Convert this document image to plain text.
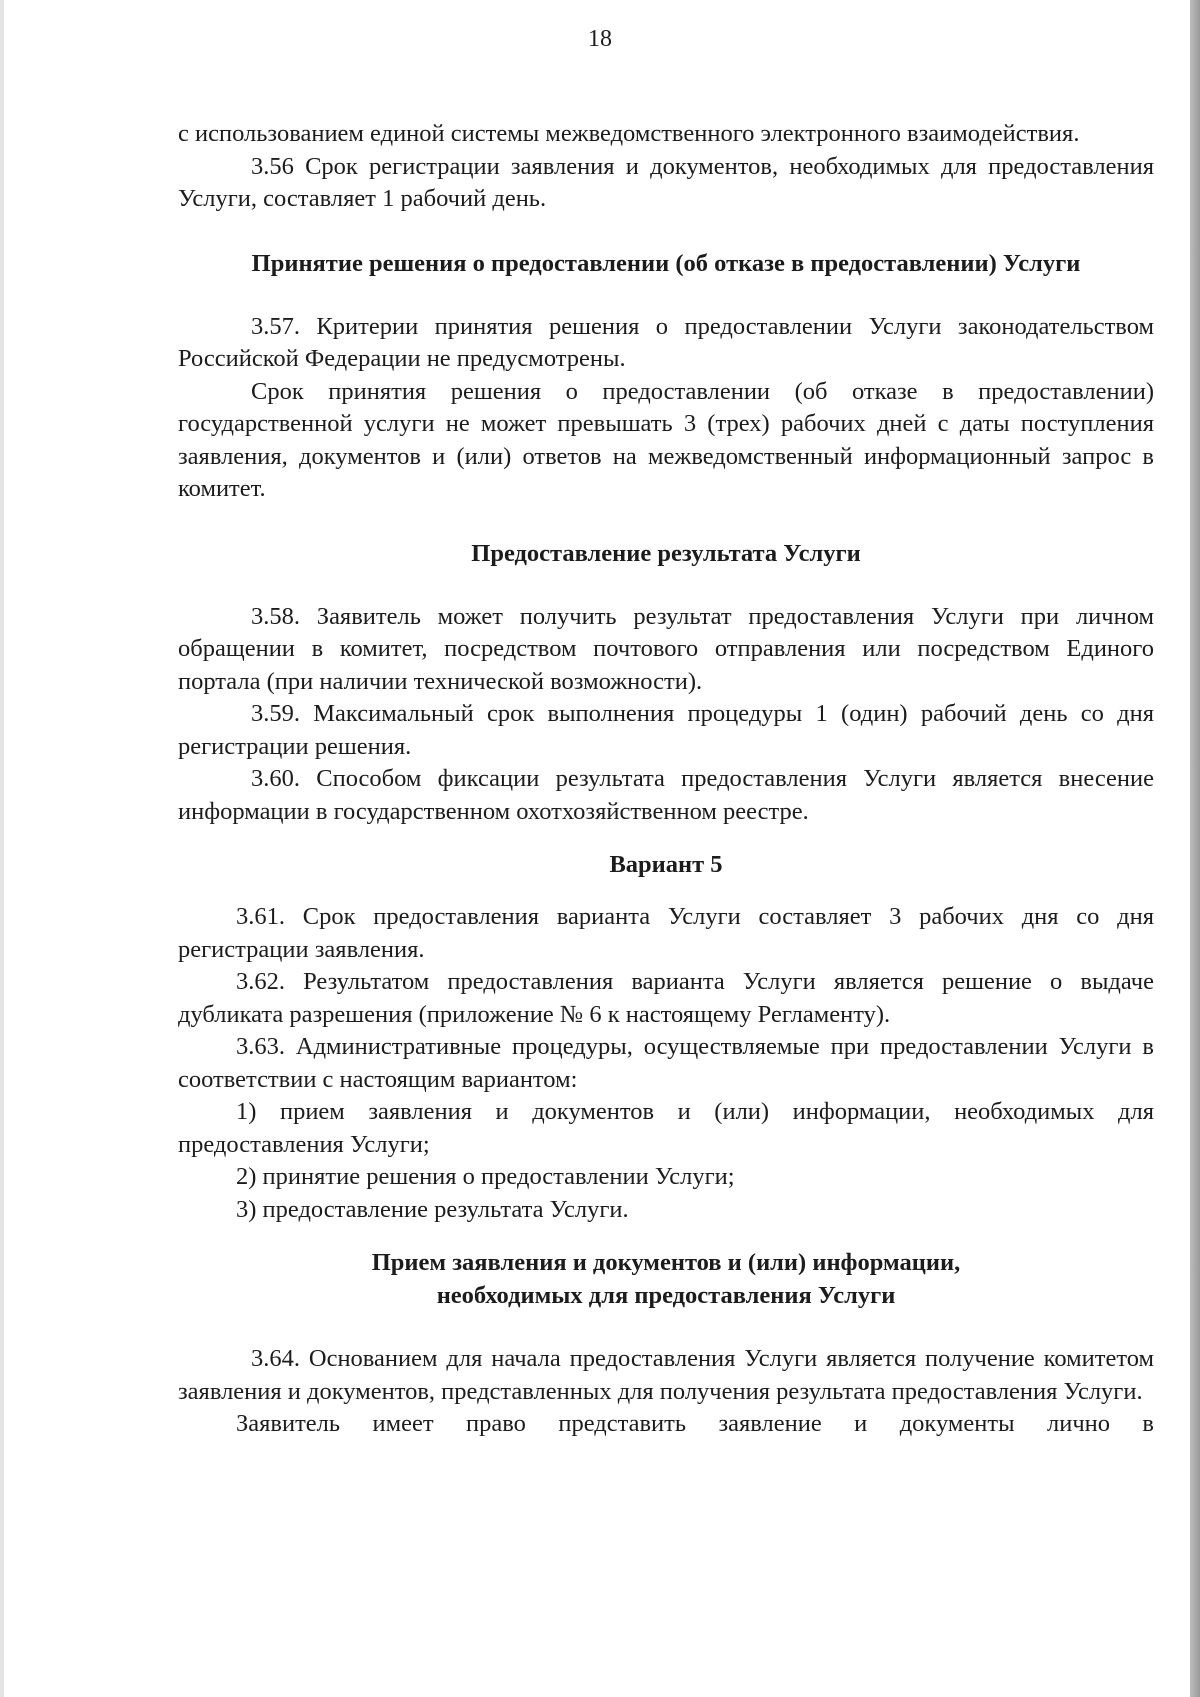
18

с использованием единой системы межведомственного электронного взаимодействия.

3.56 Срок регистрации заявления и документов, необходимых для предоставления Услуги, составляет 1 рабочий день.

Принятие решения о предоставлении (об отказе в предоставлении) Услуги

3.57. Критерии принятия решения о предоставлении Услуги законодательством Российской Федерации не предусмотрены.

Срок принятия решения о предоставлении (об отказе в предоставлении) государственной услуги не может превышать 3 (трех) рабочих дней с даты поступления заявления, документов и (или) ответов на межведомственный информационный запрос в комитет.

Предоставление результата Услуги

3.58. Заявитель может получить результат предоставления Услуги при личном обращении в комитет, посредством почтового отправления или посредством Единого портала (при наличии технической возможности).

3.59. Максимальный срок выполнения процедуры 1 (один) рабочий день со дня регистрации решения.

3.60. Способом фиксации результата предоставления Услуги является внесение информации в государственном охотхозяйственном реестре.

Вариант 5

3.61. Срок предоставления варианта Услуги составляет 3 рабочих дня со дня регистрации заявления.

3.62. Результатом предоставления варианта Услуги является решение о выдаче дубликата разрешения (приложение № 6 к настоящему Регламенту).

3.63. Административные процедуры, осуществляемые при предоставлении Услуги в соответствии с настоящим вариантом:

1) прием заявления и документов и (или) информации, необходимых для предоставления Услуги;

2) принятие решения о предоставлении Услуги;

3) предоставление результата Услуги.

Прием заявления и документов и (или) информации, необходимых для предоставления Услуги

3.64. Основанием для начала предоставления Услуги является получение комитетом заявления и документов, представленных для получения результата предоставления Услуги.

Заявитель имеет право представить заявление и документы лично в
